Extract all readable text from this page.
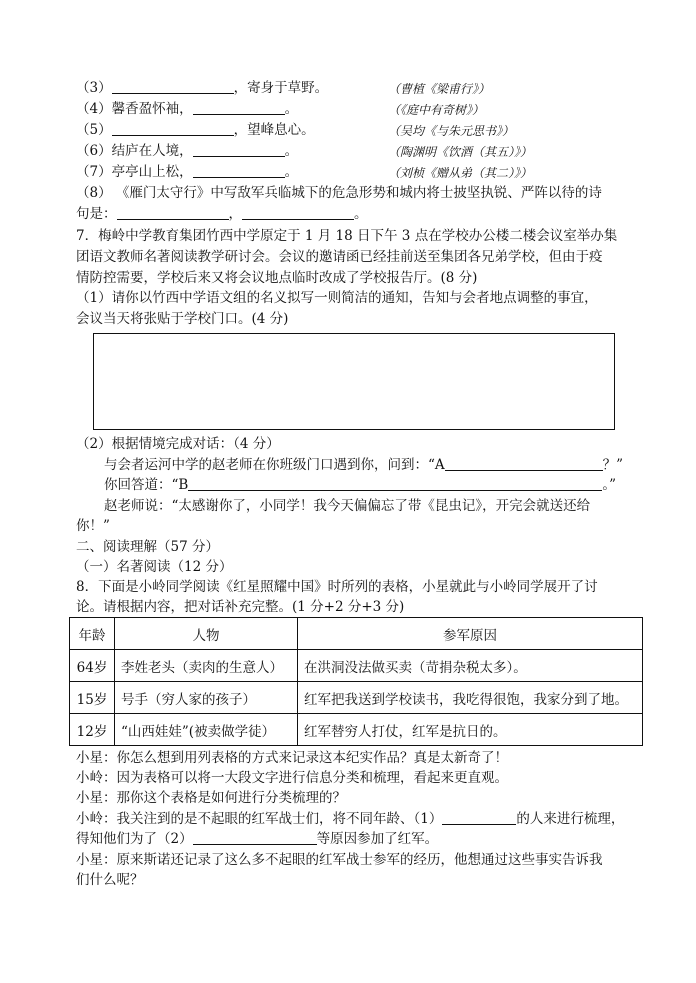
（3）	，寄身于草野。	（曹植《梁甫行》）
（4）馨香盈怀袖，	。	（《庭中有奇树》）
（5）	，望峰息心。	（吴均《与朱元思书》）
（6）结庐在人境，	。	（陶渊明《饮酒（其五）》）
（7）亭亭山上松，	。	（刘桢《赠从弟（其二）》）
（8） 《雁门太守行》中写敌军兵临城下的危急形势和城内将士披坚执锐、严阵以待的诗
句是：	，	。
7．梅岭中学教育集团竹西中学原定于 1 月 18 日下午 3 点在学校办公楼二楼会议室举办集
团语文教师名著阅读教学研讨会。会议的邀请函已经挂前送至集团各兄弟学校，但由于疫
情防控需要，学校后来又将会议地点临时改成了学校报告厅。(8 分)
（1）请你以竹西中学语文组的名义拟写一则简洁的通知，告知与会者地点调整的事宜，
会议当天将张贴于学校门口。(4 分)
（2）根据情境完成对话：（4 分）
与会者运河中学的赵老师在你班级门口遇到你，问到：“A	？”
你回答道：“B	。”
赵老师说：“太感谢你了，小同学！我今天偏偏忘了带《昆虫记》，开完会就送还给
你！”
二、阅读理解（57 分）
（一）名著阅读（12 分）
8．下面是小岭同学阅读《红星照耀中国》时所列的表格，小星就此与小岭同学展开了讨
论。请根据内容，把对话补充完整。(1 分+2 分+3 分)
年龄	人物	参军原因
64岁	李姓老头（卖肉的生意人）	在洪洞没法做买卖（苛捐杂税太多）。
15岁	号手（穷人家的孩子）	红军把我送到学校读书，我吃得很饱，我家分到了地。
12岁	“山西娃娃”(被卖做学徒）	红军替穷人打仗，红军是抗日的。
小星：你怎么想到用列表格的方式来记录这本纪实作品？真是太新奇了！
小岭：因为表格可以将一大段文字进行信息分类和梳理，看起来更直观。
小星：那你这个表格是如何进行分类梳理的？
小岭：我关注到的是不起眼的红军战士们，将不同年龄、（1）	的人来进行梳理，
得知他们为了（2）	等原因参加了红军。
小星：原来斯诺还记录了这么多不起眼的红军战士参军的经历，他想通过这些事实告诉我
们什么呢？
